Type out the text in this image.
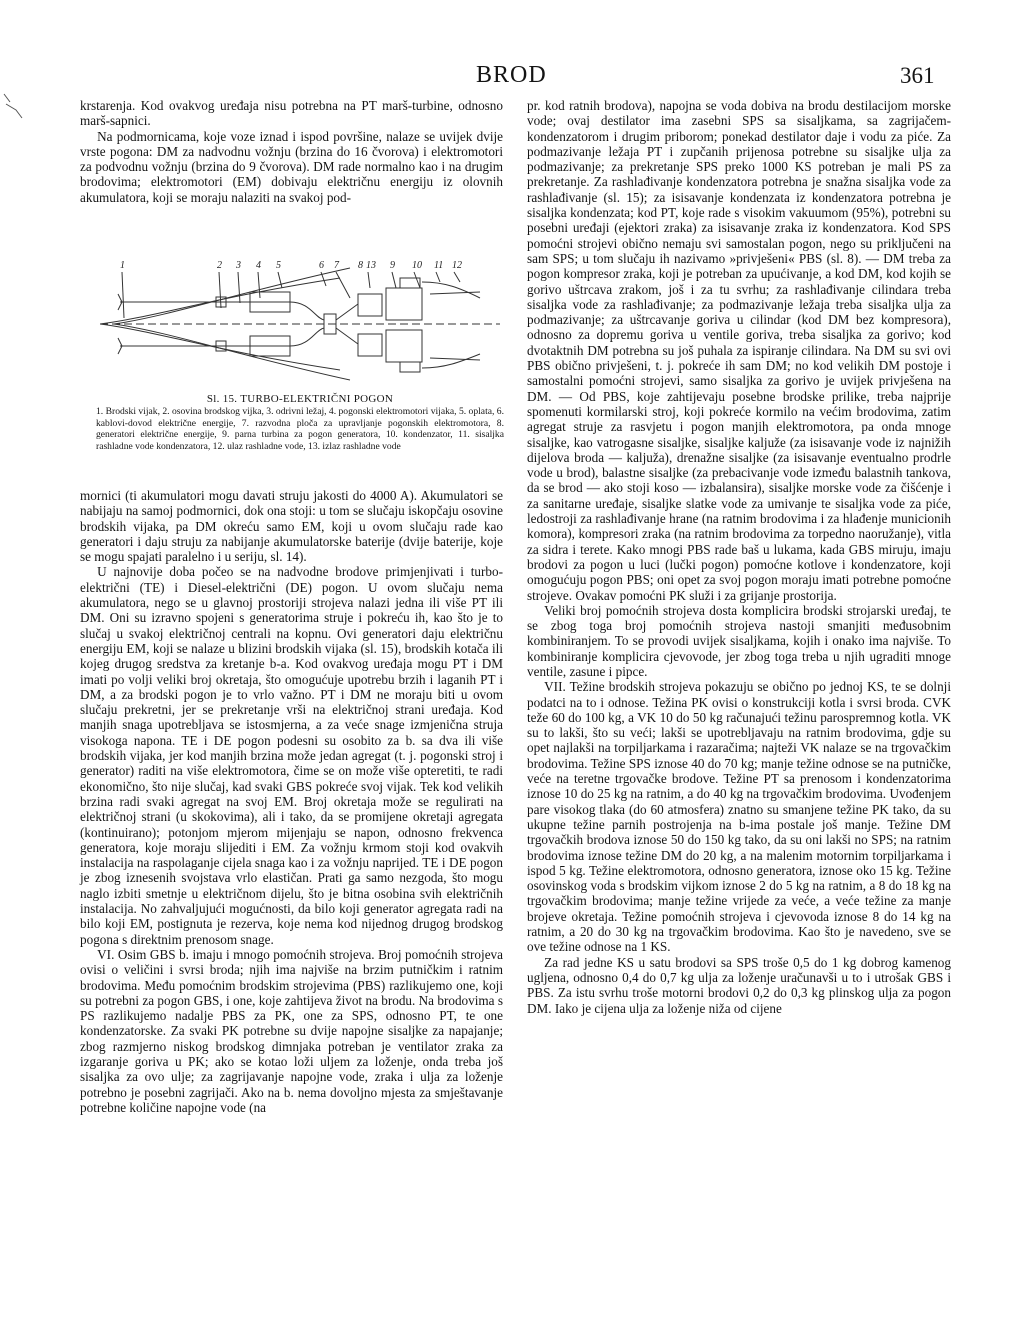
BROD	361

krstarenja. Kod ovakvog uređaja nisu potrebna na PT marš-turbine, odnosno marš-sapnici.

Na podmornicama, koje voze iznad i ispod površine, nalaze se uvijek dvije vrste pogona: DM za nadvodnu vožnju (brzina do 16 čvorova) i elektromotori za podvodnu vožnju (brzina do 9 čvorova). DM rade normalno kao i na drugim brodovima; elektromotori (EM) dobivaju električnu energiju iz olovnih akumulatora, koji se moraju nalaziti na svakoj pod-

1	2 3 4 5	6 7 8 13 9 10 11 12
Sl. 15. TURBO-ELEKTRIČNI POGON
1. Brodski vijak, 2. osovina brodskog vijka, 3. odrivni ležaj, 4. pogonski elektromotori vijaka, 5. oplata, 6. kablovi-dovod električne energije, 7. razvodna ploča za upravljanje pogonskih elektromotora, 8. generatori električne energije, 9. parna turbina za pogon generatora, 10. kondenzator, 11. sisaljka rashladne vode kondenzatora, 12. ulaz rashladne vode, 13. izlaz rashladne vode

mornici (ti akumulatori mogu davati struju jakosti do 4000 A). Akumulatori se nabijaju na samoj podmornici, dok ona stoji: u tom se slučaju iskopčaju osovine brodskih vijaka, pa DM okreću samo EM, koji u ovom slučaju rade kao generatori i daju struju za nabijanje akumulatorske baterije (dvije baterije, koje se mogu spajati paralelno i u seriju, sl. 14).

U najnovije doba počeo se na nadvodne brodove primjenjivati i turbo-električni (TE) i Diesel-električni (DE) pogon. U ovom slučaju nema akumulatora, nego se u glavnoj prostoriji strojeva nalazi jedna ili više PT ili DM. Oni su izravno spojeni s generatorima struje i pokreću ih, kao što je to slučaj u svakoj električnoj centrali na kopnu. Ovi generatori daju električnu energiju EM, koji se nalaze u blizini brodskih vijaka (sl. 15), brodskih kotača ili kojeg drugog sredstva za kretanje b-a. Kod ovakvog uređaja mogu PT i DM imati po volji veliki broj okretaja, što omogućuje upotrebu brzih i laganih PT i DM, a za brodski pogon je to vrlo važno. PT i DM ne moraju biti u ovom slučaju prekretni, jer se prekretanje vrši na električnoj strani uređaja. Kod manjih snaga upotrebljava se istosmjerna, a za veće snage izmjenična struja visokoga napona. TE i DE pogon podesni su osobito za b. sa dva ili više brodskih vijaka, jer kod manjih brzina može jedan agregat (t. j. pogonski stroj i generator) raditi na više elektromotora, čime se on može više opteretiti, te radi ekonomično, što nije slučaj, kad svaki GBS pokreće svoj vijak. Tek kod velikih brzina radi svaki agregat na svoj EM. Broj okretaja može se regulirati na električnoj strani (u skokovima), ali i tako, da se promijene okretaji agregata (kontinuirano); potonjom mjerom mijenjaju se napon, odnosno frekvencа generatora, koje moraju slijediti i EM. Za vožnju krmom stoji kod ovakvih instalacija na raspolaganje cijela snaga kao i za vožnju naprijed. TE i DE pogon je zbog iznesenih svojstava vrlo elastičan. Prati ga samo nezgoda, što mogu naglo izbiti smetnje u električnom dijelu, što je bitna osobina svih električnih instalacija. No zahvaljujući mogućnosti, da bilo koji generator agregata radi na bilo koji EM, postignuta je rezerva, koje nema kod nijednog drugog brodskog pogona s direktnim prenosom snage.

VI. Osim GBS b. imaju i mnogo pomoćnih strojeva. Broj pomoćnih strojeva ovisi o veličini i svrsi broda; njih ima najviše na brzim putničkim i ratnim brodovima. Među pomoćnim brodskim strojevima (PBS) razlikujemo one, koji su potrebni za pogon GBS, i one, koje zahtijeva život na brodu. Na brodovima s PS razlikujemo nadalje PBS za PK, one za SPS, odnosno PT, te one kondenzatorske. Za svaki PK potrebne su dvije napojne sisaljke za napajanje; zbog razmjerno niskog brodskog dimnjaka potreban je ventilator zraka za izgaranje goriva u PK; ako se kotao loži uljem za loženje, onda treba još sisaljka za ovo ulje; za zagrijavanje napojne vode, zraka i ulja za loženje potrebno je posebni zagrijači. Ako na b. nema dovoljno mjesta za smještavanje potrebne količine napojne vode (na

pr. kod ratnih brodova), napojna se voda dobiva na brodu destilacijom morske vode; ovaj destilator ima zasebni SPS sa sisaljkama, sa zagrijačem-kondenzatorom i drugim priborom; ponekad destilator daje i vodu za piće. Za podmazivanje ležaja PT i zupčanih prijenosa potrebne su sisaljke ulja za podmazivanje; za prekretanje SPS preko 1000 KS potreban je mali PS za prekretanje. Za rashlađivanje kondenzatora potrebna je snažna sisaljka vode za rashlađivanje (sl. 15); za isisavanje kondenzata iz kondenzatora potrebna je sisaljka kondenzata; kod PT, koje rade s visokim vakuumom (95%), potrebni su posebni uređaji (ejektori zraka) za isisavanje zraka iz kondenzatora. Kod SPS pomoćni strojevi obično nemaju svi samostalan pogon, nego su priključeni na sam SPS; u tom slučaju ih nazivamo »privješeni« PBS (sl. 8). — DM treba za pogon kompresor zraka, koji je potreban za upućivanje, a kod DM, kod kojih se gorivo uštrcava zrakom, još i za tu svrhu; za rashlađivanje cilindara treba sisaljka vode za rashlađivanje; za podmazivanje ležaja treba sisaljka ulja za podmazivanje; za uštrcavanje goriva u cilindar (kod DM bez kompresora), odnosno za dopremu goriva u ventile goriva, treba sisaljka za gorivo; kod dvotaktnih DM potrebna su još puhala za ispiranje cilindara. Na DM su svi ovi PBS obično privješeni, t. j. pokreće ih sam DM; no kod velikih DM postoje i samostalni pomoćni strojevi, samo sisaljka za gorivo je uvijek privješena na DM. — Od PBS, koje zahtijevaju posebne brodske prilike, treba najprije spomenuti kormilarski stroj, koji pokreće kormilo na većim brodovima, zatim agregat struje za rasvjetu i pogon manjih elektromotora, pa onda mnoge sisaljke, kao vatrogasne sisaljke, sisaljke kaljuže (za isisavanje vode iz najnižih dijelova broda — kaljuža), drenažne sisaljke (za isisavanje eventualno prodrle vode u brod), balastne sisaljke (za prebacivanje vode između balastnih tankova, da se brod — ako stoji koso — izbalansira), sisaljke morske vode za čišćenje i za sanitarne uređaje, sisaljke slatke vode za umivanje te sisaljka vode za piće, ledostroji za rashlađivanje hrane (na ratnim brodovima i za hlađenje municionih komora), kompresori zraka (na ratnim brodovima za torpedno naoružanje), vitla za sidra i terete. Kako mnogi PBS rade baš u lukama, kada GBS miruju, imaju brodovi za pogon u luci (lučki pogon) pomoćne kotlove i kondenzatore, koji omogućuju pogon PBS; oni opet za svoj pogon moraju imati potrebne pomoćne strojeve. Ovakav pomoćni PK služi i za grijanje prostorija.

Veliki broj pomoćnih strojeva dosta komplicira brodski strojarski uređaj, te se zbog toga broj pomoćnih strojeva nastoji smanjiti međusobnim kombiniranjem. To se provodi uvijek sisaljkama, kojih i onako ima najviše. To kombiniranje komplicira cjevovode, jer zbog toga treba u njih ugraditi mnoge ventile, zasune i pipce.

VII. Težine brodskih strojeva pokazuju se obično po jednoj KS, te se dolnji podatci na to i odnose. Težina PK ovisi o konstrukciji kotla i svrsi broda. CVK teže 60 do 100 kg, a VK 10 do 50 kg računajući težinu parospremnog kotla. VK su to lakši, što su veći; lakši se upotrebljavaju na ratnim brodovima, gdje su opet najlakši na torpiljarkama i razaračima; najteži VK nalaze se na trgovačkim brodovima. Težine SPS iznose 40 do 70 kg; manje težine odnose se na putničke, veće na teretne trgovačke brodove. Težine PT sa prenosom i kondenzatorima iznose 10 do 25 kg na ratnim, a do 40 kg na trgovačkim brodovima. Uvođenjem pare visokog tlaka (do 60 atmosfera) znatno su smanjene težine PK tako, da su ukupne težine parnih postrojenja na b-ima postale još manje. Težine DM trgovačkih brodova iznose 50 do 150 kg tako, da su oni lakši no SPS; na ratnim brodovima iznose težine DM do 20 kg, a na malenim motornim torpiljarkama i ispod 5 kg. Težine elektromotora, odnosno generatora, iznose oko 15 kg. Težine osovinskog voda s brodskim vijkom iznose 2 do 5 kg na ratnim, a 8 do 18 kg na trgovačkim brodovima; manje težine vrijede za veće, a veće težine za manje brojeve okretaja. Težine pomoćnih strojeva i cjevovoda iznose 8 do 14 kg na ratnim, a 20 do 30 kg na trgovačkim brodovima. Kao što je navedeno, sve se ove težine odnose na 1 KS.

Za rad jedne KS u satu brodovi sa SPS troše 0,5 do 1 kg dobrog kamenog ugljena, odnosno 0,4 do 0,7 kg ulja za loženje uračunavši u to i utrošak GBS i PBS. Za istu svrhu troše motorni brodovi 0,2 do 0,3 kg plinskog ulja za pogon DM. Iako je cijena ulja za loženje niža od cijene
